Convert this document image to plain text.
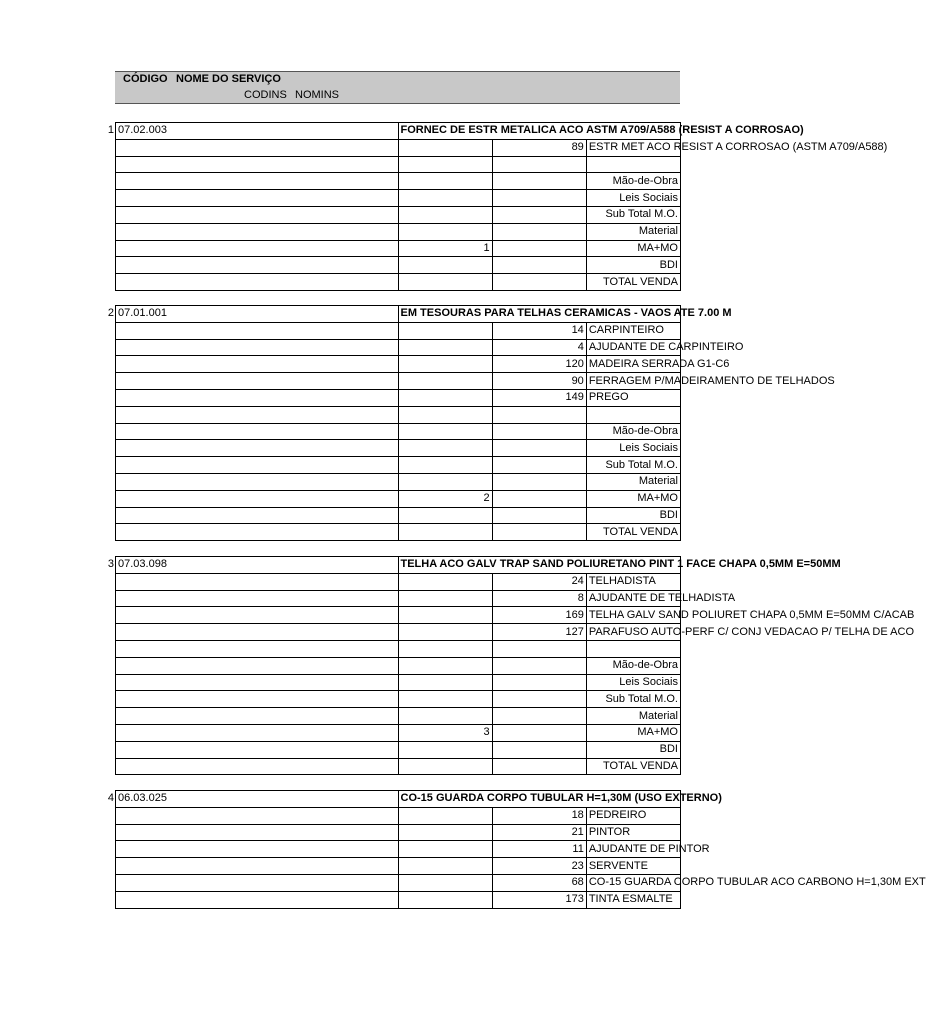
CÓDIGO NOME DO SERVIÇO
CODINS NOMINS
1 07.02.003	FORNEC DE ESTR METALICA ACO ASTM A709/A588 (RESIST A CORROSAO)		
		89	ESTR MET ACO RESIST A CORROSAO (ASTM A709/A588)

			Mão-de-Obra
			Leis Sociais
			Sub Total M.O.
			Material
	1		MA+MO
			BDI
			TOTAL VENDA
2 07.01.001	EM TESOURAS PARA TELHAS CERAMICAS - VAOS ATE 7.00 M		
		14	CARPINTEIRO
		4	AJUDANTE DE CARPINTEIRO
		120	MADEIRA SERRADA G1-C6
		90	FERRAGEM P/MADEIRAMENTO DE TELHADOS
		149	PREGO

			Mão-de-Obra
			Leis Sociais
			Sub Total M.O.
			Material
	2		MA+MO
			BDI
			TOTAL VENDA
3 07.03.098	TELHA ACO GALV TRAP SAND POLIURETANO PINT 1 FACE CHAPA 0,5MM E=50MM		
		24	TELHADISTA
		8	AJUDANTE DE TELHADISTA
		169	TELHA GALV SAND POLIURET CHAPA 0,5MM E=50MM C/ACAB
		127	PARAFUSO AUTO-PERF C/ CONJ VEDACAO P/ TELHA DE ACO

			Mão-de-Obra
			Leis Sociais
			Sub Total M.O.
			Material
	3		MA+MO
			BDI
			TOTAL VENDA
4 06.03.025	CO-15 GUARDA CORPO TUBULAR H=1,30M (USO EXTERNO)		
		18	PEDREIRO
		21	PINTOR
		11	AJUDANTE DE PINTOR
		23	SERVENTE
		68	CO-15 GUARDA CORPO TUBULAR ACO CARBONO H=1,30M EXT
		173	TINTA ESMALTE
